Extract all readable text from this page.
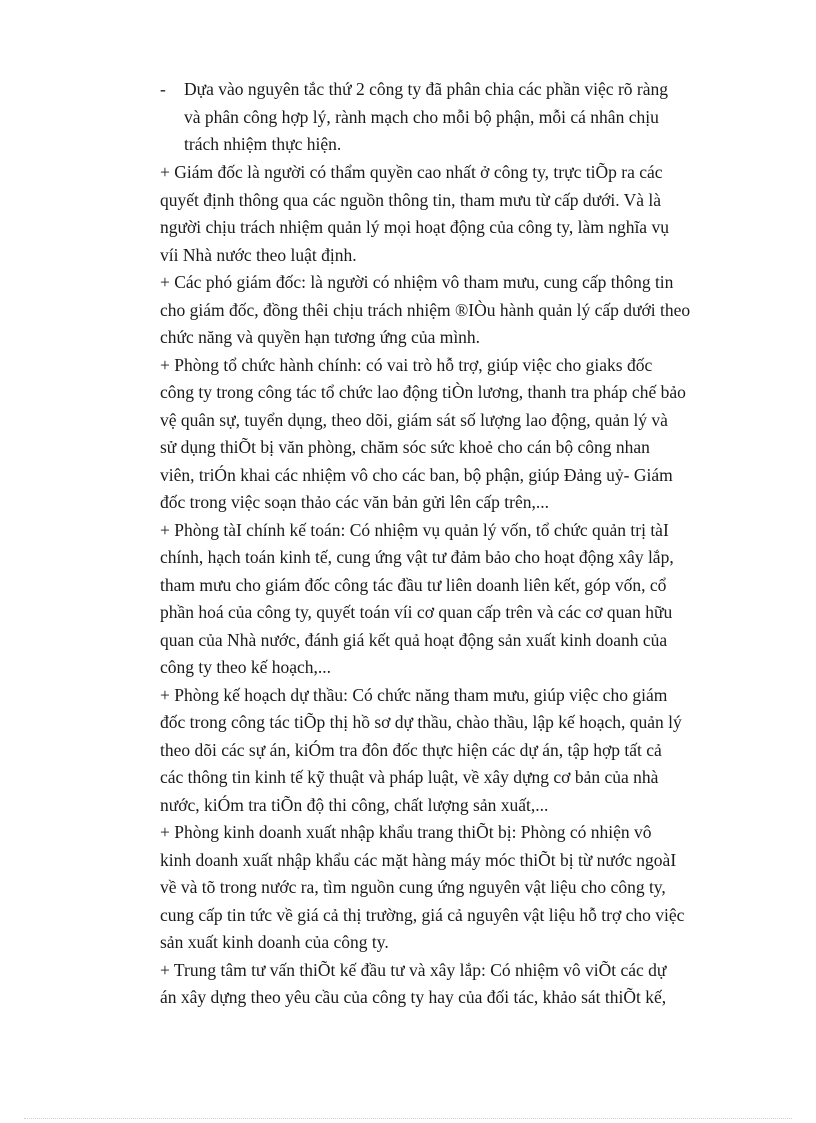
- Dựa vào nguyên tắc thứ 2 công ty đã phân chia các phần việc rõ ràng
và phân công hợp lý, rành mạch cho mỗi bộ phận, mỗi cá nhân chịu
trách nhiệm thực hiện.
+ Giám đốc là người có thẩm quyền cao nhất ở công ty, trực tiÕp ra các
quyết định thông qua các nguồn thông tin, tham mưu từ cấp dưới. Và là
người chịu trách nhiệm quản lý mọi hoạt động của công ty, làm nghĩa vụ
víi Nhà nước theo luật định.
+ Các phó giám đốc: là người có nhiệm vô tham mưu, cung cấp thông tin
cho giám đốc, đồng thêi chịu trách nhiệm ®IÒu hành quản lý cấp dưới theo
chức năng và quyền hạn tương ứng của mình.
+ Phòng tổ chức hành chính: có vai trò hỗ trợ, giúp việc cho giaks đốc
công ty trong công tác tổ chức lao động tiÒn lương, thanh tra pháp chế bảo
vệ quân sự, tuyển dụng, theo dõi, giám sát số lượng lao động, quản lý và
sử dụng thiÕt bị văn phòng, chăm sóc sức khoẻ cho cán bộ công nhan
viên, triÓn khai các nhiệm vô cho các ban, bộ phận, giúp Đảng uỷ- Giám
đốc trong việc soạn thảo các văn bản gửi lên cấp trên,...
+ Phòng tàI chính kế toán: Có nhiệm vụ quản lý vốn, tổ chức quản trị tàI
chính, hạch toán kinh tế, cung ứng vật tư đảm bảo cho hoạt động xây lắp,
tham mưu cho giám đốc công tác đầu tư liên doanh liên kết, góp vốn, cổ
phần hoá của công ty, quyết toán víi cơ quan cấp trên và các cơ quan hữu
quan của Nhà nước, đánh giá kết quả hoạt động sản xuất kinh doanh của
công ty theo kế hoạch,...
+ Phòng kế hoạch dự thầu: Có chức năng tham mưu, giúp việc cho giám
đốc trong công tác tiÕp thị hồ sơ dự thầu, chào thầu, lập kế hoạch, quản lý
theo dõi các sự án, kiÓm tra đôn đốc thực hiện các dự án, tập hợp tất cả
các thông tin kinh tế kỹ thuật và pháp luật, về xây dựng cơ bản của nhà
nước, kiÓm tra tiÕn độ thi công, chất lượng sản xuất,...
+ Phòng kinh doanh xuất nhập khẩu trang thiÕt bị: Phòng có nhiện vô
kinh doanh xuất nhập khẩu các mặt hàng máy móc thiÕt bị từ nước ngoàI
về và tõ trong nước ra, tìm nguồn cung ứng nguyên vật liệu cho công ty,
cung cấp tin tức về giá cả thị trường, giá cả nguyên vật liệu hỗ trợ cho việc
sản xuất kinh doanh của công ty.
+ Trung tâm tư vấn thiÕt kế đầu tư và xây lắp: Có nhiệm vô viÕt các dự
án xây dựng theo yêu cầu của công ty hay của đối tác, khảo sát thiÕt kế,
